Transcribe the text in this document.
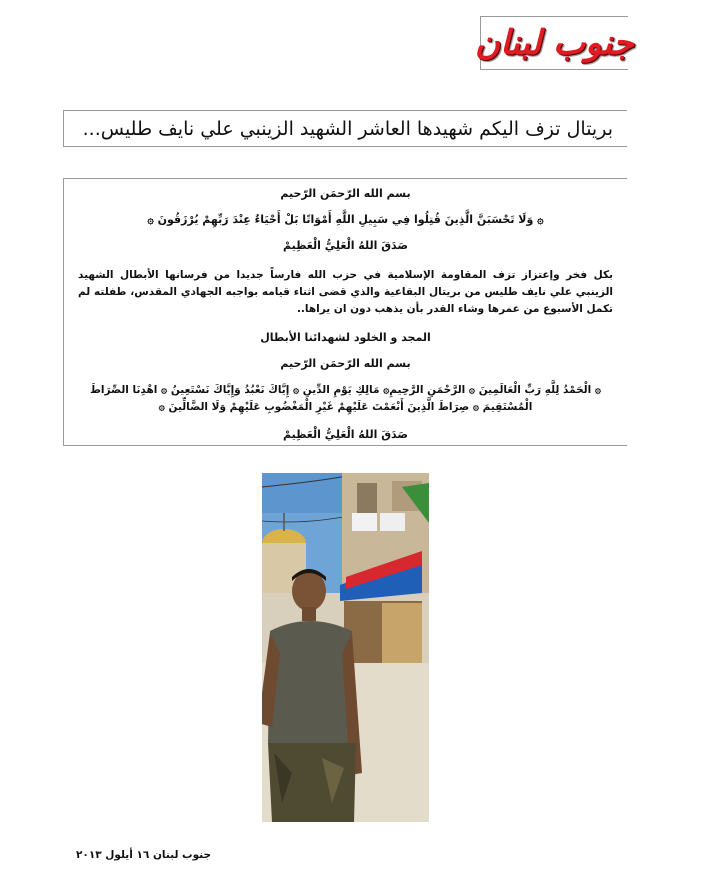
جنوب لبنان
بريتال تزف اليكم شهيدها العاشر الشهيد الزينبي علي نايف طليس...
بسم الله الرّحمَن الرّحيم
۞ وَلَا تَحْسَبَنَّ الَّذِينَ قُتِلُوا فِي سَبِيلِ اللَّهِ أَمْوَاتًا بَلْ أَحْيَاءٌ عِنْدَ رَبِّهِمْ يُرْزَقُونَ ۞
صَدَقَ اللهُ الْعَلِيُّ الْعَظِيمْ
بكل فخر وإعتزاز تزف المقاومة الإسلامية في حزب الله فارساً جديدا من فرسانها الأبطال الشهيد الزينبي علي نايف طليس من بريتال البقاعية والذي قضى اثناء قيامه بواجبه الجهادي المقدس، طفلته لم تكمل الأسبوع من عمرها وشاء القدر بأن يذهب دون ان يراها..
المجد و الخلود لشهدائنا الأبطال
بسم الله الرّحمَن الرّحيم
۞ الْحَمْدُ لِلَّهِ رَبِّ الْعَالَمِينَ ۞ الرَّحْمَنِ الرَّحِيمِ۞ مَالِكِ يَوْمِ الدِّينِ ۞ إِيَّاكَ نَعْبُدُ وَإِيَّاكَ نَسْتَعِينُ ۞ اهْدِنَا الصِّرَاطَ الْمُسْتَقِيمَ ۞ صِرَاطَ الَّذِينَ أَنْعَمْتَ عَلَيْهِمْ غَيْرِ الْمَغْضُوبِ عَلَيْهِمْ وَلَا الضَّالِّينَ ۞
صَدَقَ اللهُ الْعَلِيُّ الْعَظِيمْ
جنوب لبنان ١٦ أيلول ٢٠١٣
